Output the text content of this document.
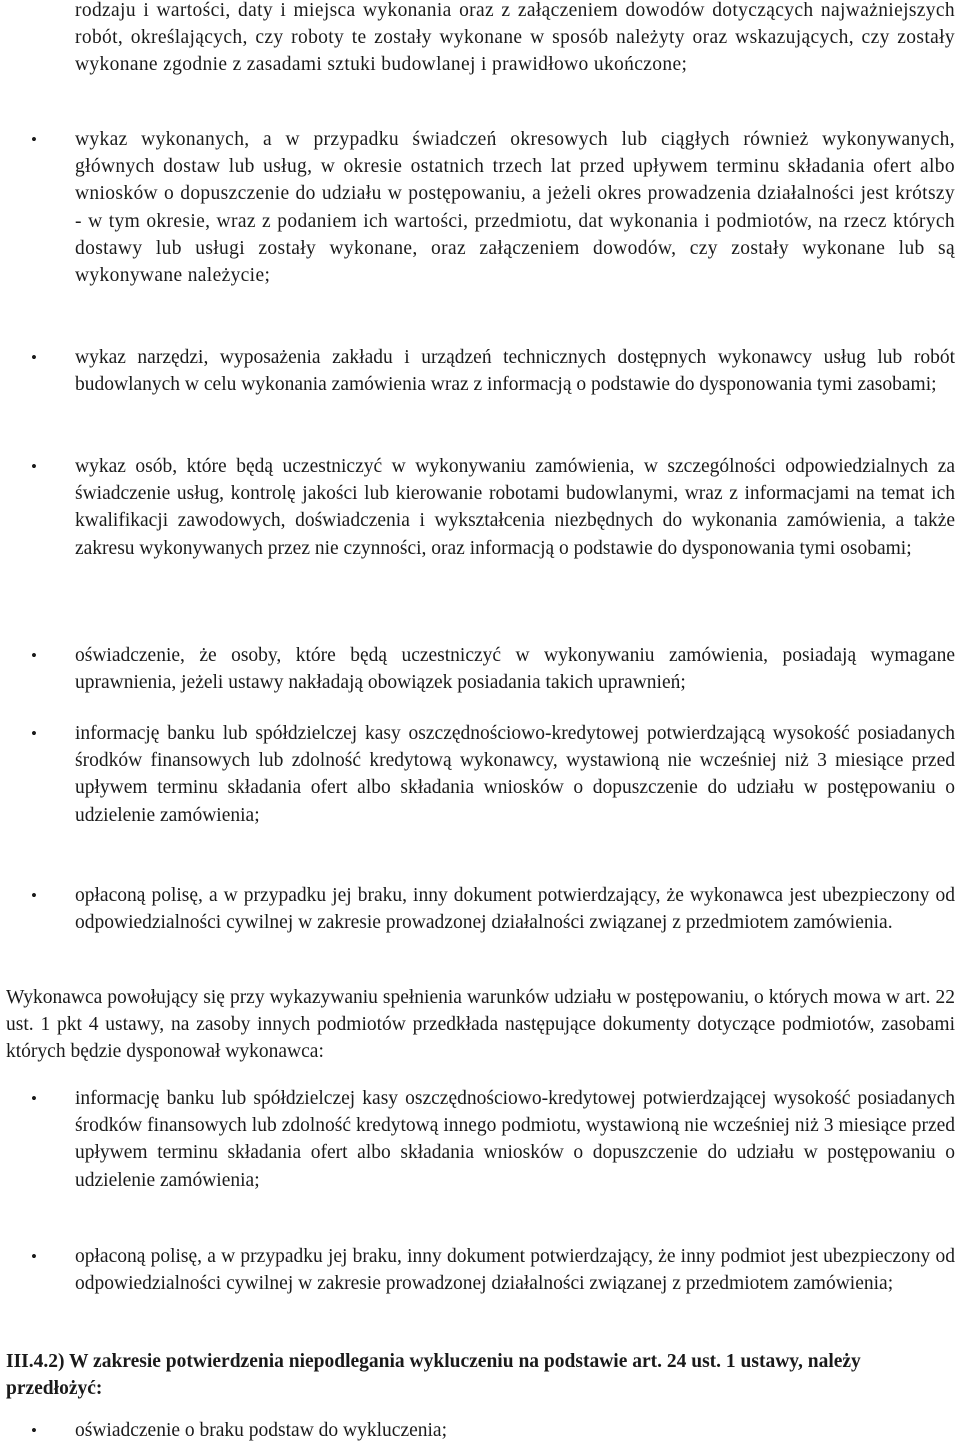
rodzaju i wartości, daty i miejsca wykonania oraz z załączeniem dowodów dotyczących najważniejszych robót, określających, czy roboty te zostały wykonane w sposób należyty oraz wskazujących, czy zostały wykonane zgodnie z zasadami sztuki budowlanej i prawidłowo ukończone;

• wykaz wykonanych, a w przypadku świadczeń okresowych lub ciągłych również wykonywanych, głównych dostaw lub usług, w okresie ostatnich trzech lat przed upływem terminu składania ofert albo wniosków o dopuszczenie do udziału w postępowaniu, a jeżeli okres prowadzenia działalności jest krótszy - w tym okresie, wraz z podaniem ich wartości, przedmiotu, dat wykonania i podmiotów, na rzecz których dostawy lub usługi zostały wykonane, oraz załączeniem dowodów, czy zostały wykonane lub są wykonywane należycie;

• wykaz narzędzi, wyposażenia zakładu i urządzeń technicznych dostępnych wykonawcy usług lub robót budowlanych w celu wykonania zamówienia wraz z informacją o podstawie do dysponowania tymi zasobami;

• wykaz osób, które będą uczestniczyć w wykonywaniu zamówienia, w szczególności odpowiedzialnych za świadczenie usług, kontrolę jakości lub kierowanie robotami budowlanymi, wraz z informacjami na temat ich kwalifikacji zawodowych, doświadczenia i wykształcenia niezbędnych do wykonania zamówienia, a także zakresu wykonywanych przez nie czynności, oraz informacją o podstawie do dysponowania tymi osobami;

• oświadczenie, że osoby, które będą uczestniczyć w wykonywaniu zamówienia, posiadają wymagane uprawnienia, jeżeli ustawy nakładają obowiązek posiadania takich uprawnień;

• informację banku lub spółdzielczej kasy oszczędnościowo-kredytowej potwierdzającą wysokość posiadanych środków finansowych lub zdolność kredytową wykonawcy, wystawioną nie wcześniej niż 3 miesiące przed upływem terminu składania ofert albo składania wniosków o dopuszczenie do udziału w postępowaniu o udzielenie zamówienia;

• opłaconą polisę, a w przypadku jej braku, inny dokument potwierdzający, że wykonawca jest ubezpieczony od odpowiedzialności cywilnej w zakresie prowadzonej działalności związanej z przedmiotem zamówienia.

Wykonawca powołujący się przy wykazywaniu spełnienia warunków udziału w postępowaniu, o których mowa w art. 22 ust. 1 pkt 4 ustawy, na zasoby innych podmiotów przedkłada następujące dokumenty dotyczące podmiotów, zasobami których będzie dysponował wykonawca:

• informację banku lub spółdzielczej kasy oszczędnościowo-kredytowej potwierdzającej wysokość posiadanych środków finansowych lub zdolność kredytową innego podmiotu, wystawioną nie wcześniej niż 3 miesiące przed upływem terminu składania ofert albo składania wniosków o dopuszczenie do udziału w postępowaniu o udzielenie zamówienia;

• opłaconą polisę, a w przypadku jej braku, inny dokument potwierdzający, że inny podmiot jest ubezpieczony od odpowiedzialności cywilnej w zakresie prowadzonej działalności związanej z przedmiotem zamówienia;

III.4.2) W zakresie potwierdzenia niepodlegania wykluczeniu na podstawie art. 24 ust. 1 ustawy, należy przedłożyć:

• oświadczenie o braku podstaw do wykluczenia;
